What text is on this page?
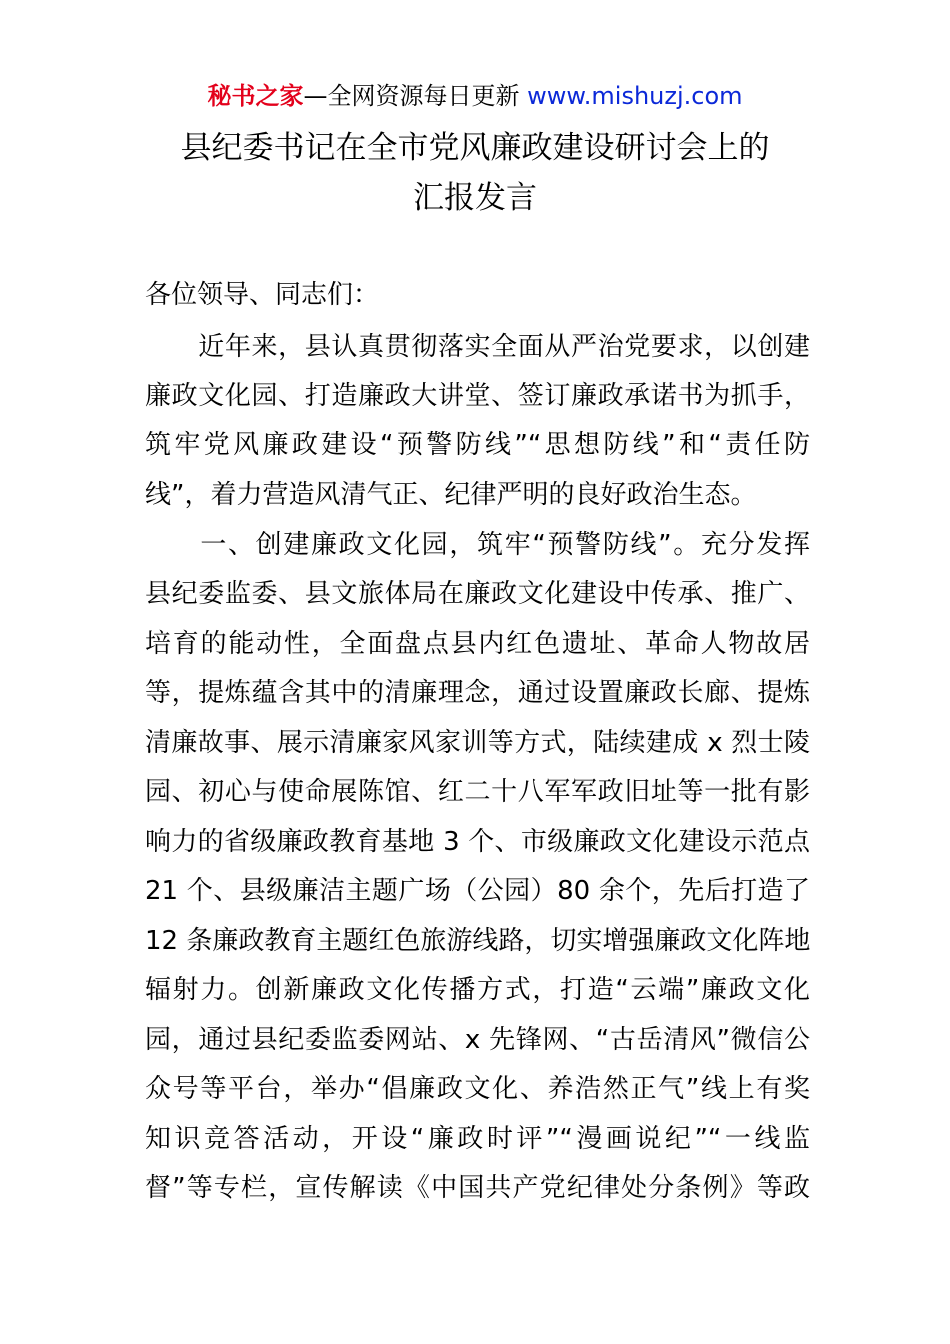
秘书之家—全网资源每日更新 www.mishuzj.com
县纪委书记在全市党风廉政建设研讨会上的
汇报发言
各位领导、同志们：
　　近年来，县认真贯彻落实全面从严治党要求，以创建
廉政文化园、打造廉政大讲堂、签订廉政承诺书为抓手，
筑牢党风廉政建设“预警防线”“思想防线”和“责任防
线”，着力营造风清气正、纪律严明的良好政治生态。
　　一、创建廉政文化园，筑牢“预警防线”。充分发挥
县纪委监委、县文旅体局在廉政文化建设中传承、推广、
培育的能动性，全面盘点县内红色遗址、革命人物故居
等，提炼蕴含其中的清廉理念，通过设置廉政长廊、提炼
清廉故事、展示清廉家风家训等方式，陆续建成 x 烈士陵
园、初心与使命展陈馆、红二十八军军政旧址等一批有影
响力的省级廉政教育基地 3 个、市级廉政文化建设示范点
21 个、县级廉洁主题广场（公园）80 余个，先后打造了
12 条廉政教育主题红色旅游线路，切实增强廉政文化阵地
辐射力。创新廉政文化传播方式，打造“云端”廉政文化
园，通过县纪委监委网站、x 先锋网、“古岳清风”微信公
众号等平台，举办“倡廉政文化、养浩然正气”线上有奖
知识竞答活动，开设“廉政时评”“漫画说纪”“一线监
督”等专栏，宣传解读《中国共产党纪律处分条例》等政
